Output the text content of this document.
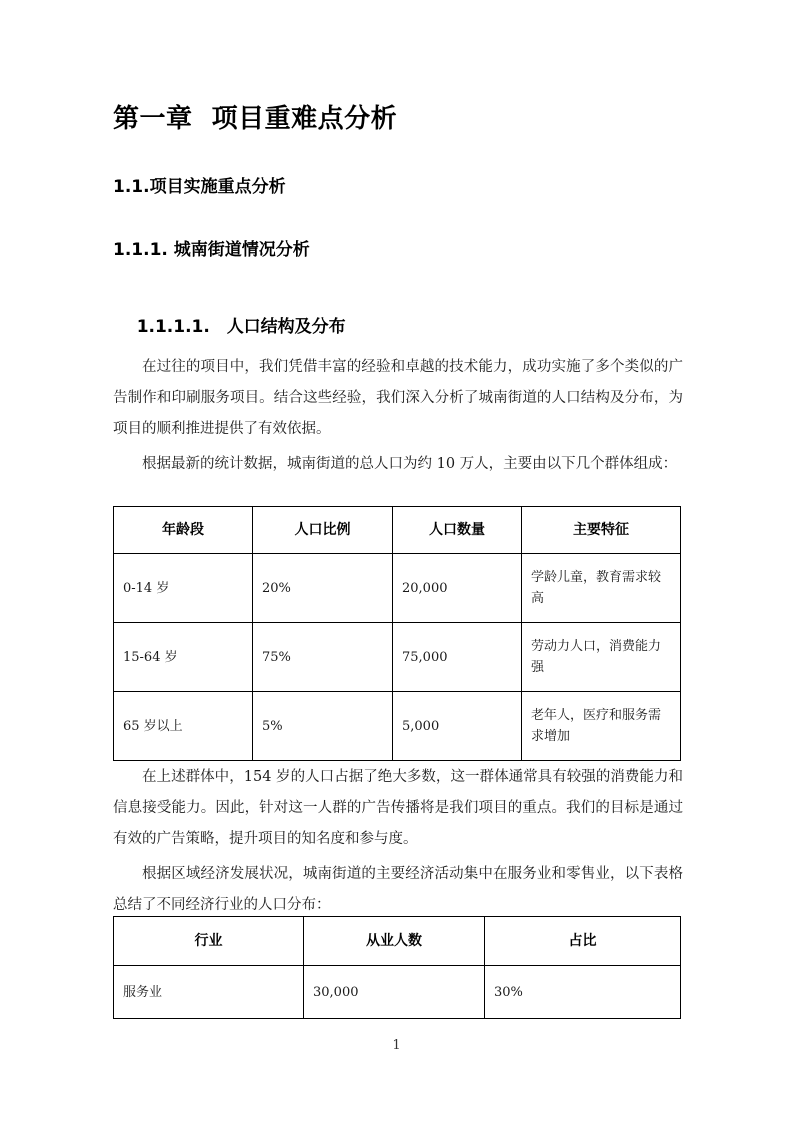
第一章  项目重难点分析
1.1.项目实施重点分析
1.1.1. 城南街道情况分析

1.1.1.1. 人口结构及分布

在过往的项目中，我们凭借丰富的经验和卓越的技术能力，成功实施了多个类似的广告制作和印刷服务项目。结合这些经验，我们深入分析了城南街道的人口结构及分布，为项目的顺利推进提供了有效依据。

根据最新的统计数据，城南街道的总人口为约 10 万人，主要由以下几个群体组成：

年龄段	人口比例	人口数量	主要特征
0-14 岁	20%	20,000	学龄儿童，教育需求较高
15-64 岁	75%	75,000	劳动力人口，消费能力强
65 岁以上	5%	5,000	老年人，医疗和服务需求增加

在上述群体中，154 岁的人口占据了绝大多数，这一群体通常具有较强的消费能力和信息接受能力。因此，针对这一人群的广告传播将是我们项目的重点。我们的目标是通过有效的广告策略，提升项目的知名度和参与度。

根据区域经济发展状况，城南街道的主要经济活动集中在服务业和零售业，以下表格总结了不同经济行业的人口分布：

行业	从业人数	占比
服务业	30,000	30%
1
